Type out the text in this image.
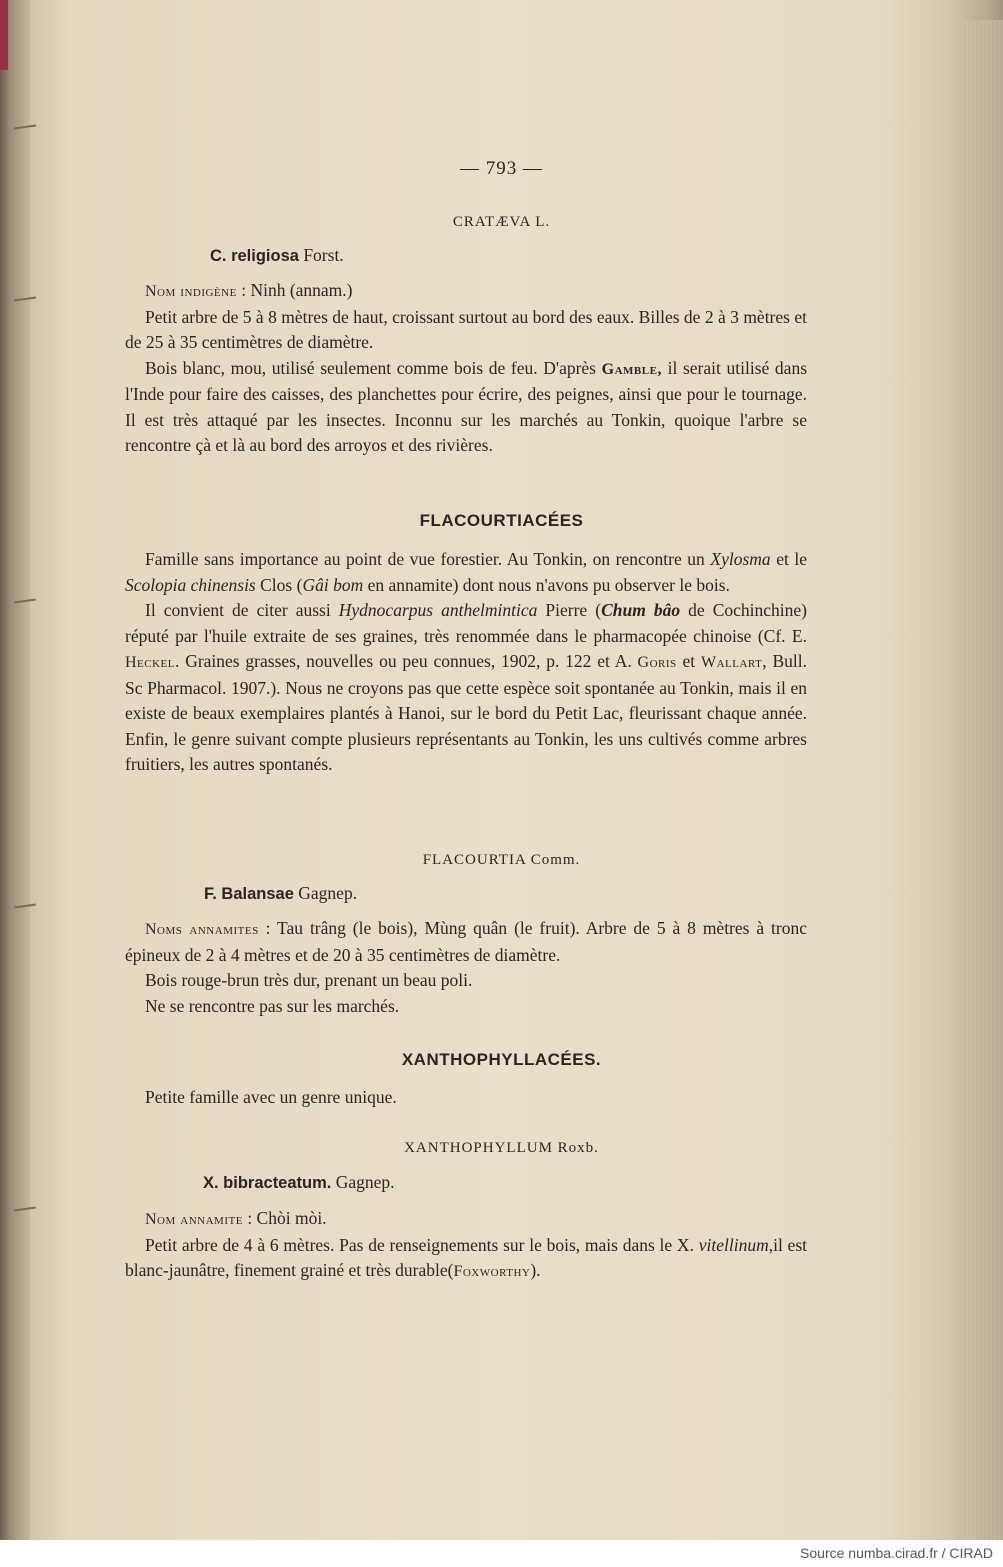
— 793 —
CRATÆVA L.
C. religiosa Forst.

Nom indigène : Ninh (annam.)

Petit arbre de 5 à 8 mètres de haut, croissant surtout au bord des eaux. Billes de 2 à 3 mètres et de 25 à 35 centimètres de diamètre.

Bois blanc, mou, utilisé seulement comme bois de feu. D'après Gamble, il serait utilisé dans l'Inde pour faire des caisses, des planchettes pour écrire, des peignes, ainsi que pour le tournage. Il est très attaqué par les insectes. Inconnu sur les marchés au Tonkin, quoique l'arbre se rencontre çà et là au bord des arroyos et des rivières.

FLACOURTIACÉES

Famille sans importance au point de vue forestier. Au Tonkin, on rencontre un Xylosma et le Scolopia chinensis Clos (Gâi bom en annamite) dont nous n'avons pu observer le bois.

Il convient de citer aussi Hydnocarpus anthelmintica Pierre (Chum bâo de Cochinchine) réputé par l'huile extraite de ses graines, très renommée dans le pharmacopée chinoise (Cf. E. Heckel. Graines grasses, nouvelles ou peu connues, 1902, p. 122 et A. Goris et Wallart, Bull. Sc Pharmacol. 1907.). Nous ne croyons pas que cette espèce soit spontanée au Tonkin, mais il en existe de beaux exemplaires plantés à Hanoi, sur le bord du Petit Lac, fleurissant chaque année. Enfin, le genre suivant compte plusieurs représentants au Tonkin, les uns cultivés comme arbres fruitiers, les autres spontanés.

FLACOURTIA Comm.
F. Balansae Gagnep.

Noms annamites : Tau trâng (le bois), Mùng quân (le fruit). Arbre de 5 à 8 mètres à tronc épineux de 2 à 4 mètres et de 20 à 35 centimètres de diamètre.

Bois rouge-brun très dur, prenant un beau poli.

Ne se rencontre pas sur les marchés.

XANTHOPHYLLACÉES.

Petite famille avec un genre unique.

XANTHOPHYLLUM Roxb.
X. bibracteatum. Gagnep.

Nom annamite : Chòi mòi.

Petit arbre de 4 à 6 mètres. Pas de renseignements sur le bois, mais dans le X. vitellinum,il est blanc-jaunâtre, finement grainé et très durable(Foxworthy).

Source numba.cirad.fr / CIRAD
